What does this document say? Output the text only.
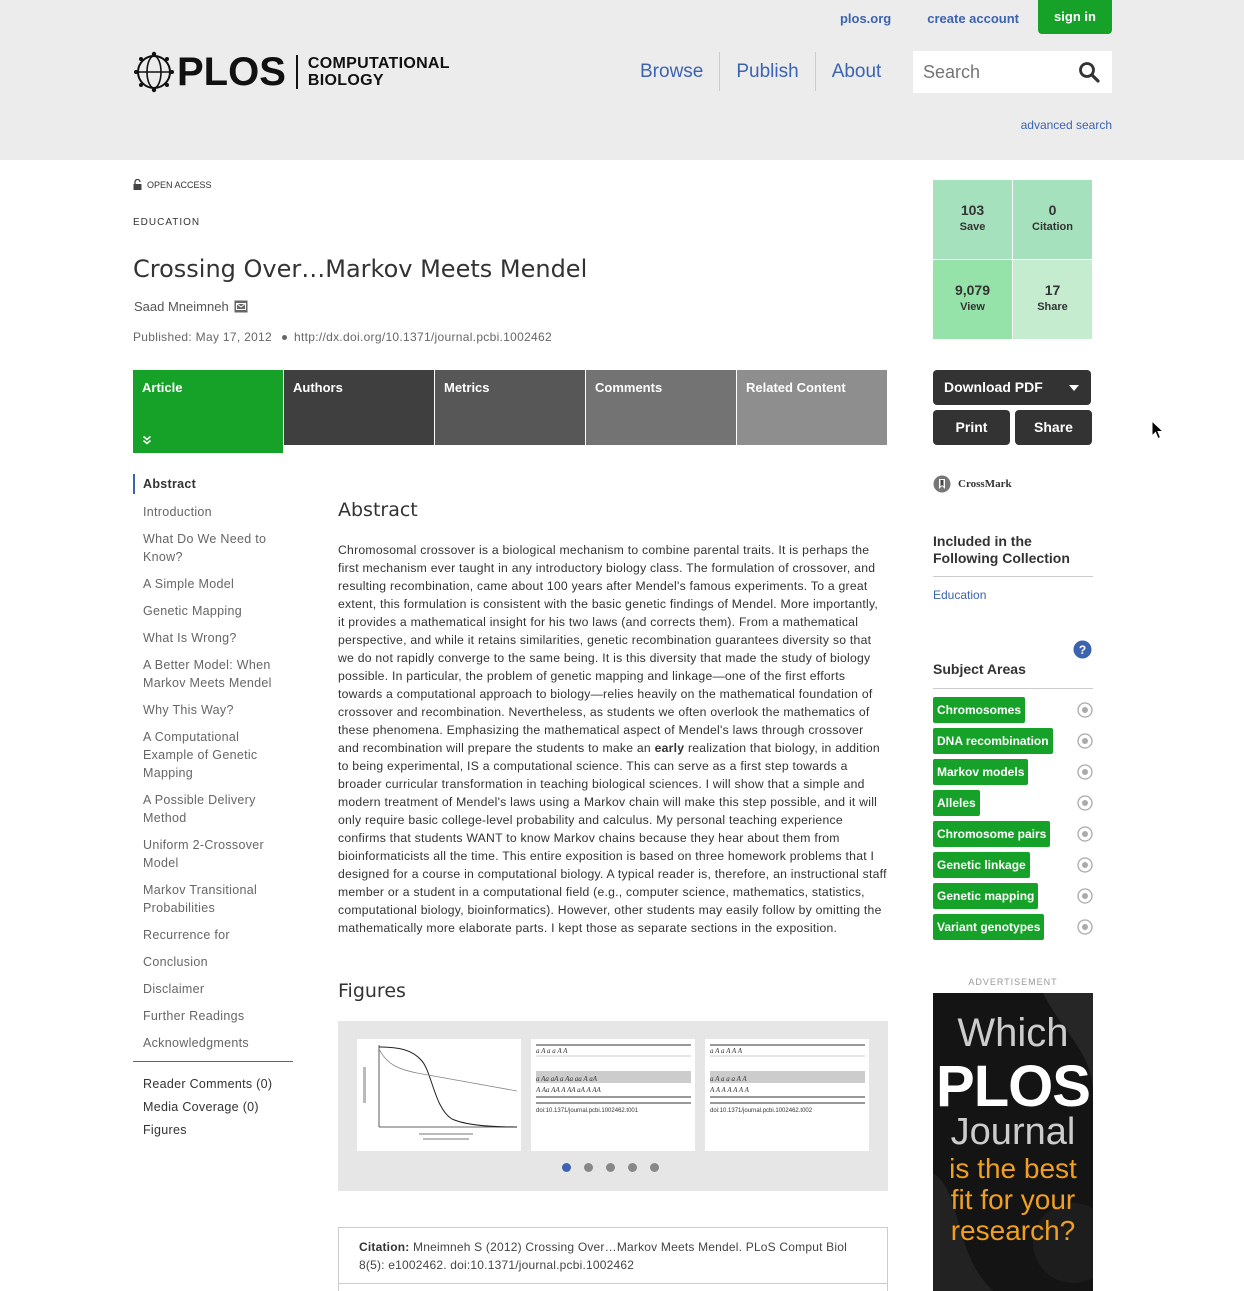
plos.org	create account	sign in
PLOS COMPUTATIONAL
BIOLOGY	Browse	Publish	About
Search
advanced search
OPEN ACCESS
EDUCATION
Crossing Over…Markov Meets Mendel
Saad Mneimneh
Published: May 17, 2012 http://dx.doi.org/10.1371/journal.pcbi.1002462
Article	Authors	Metrics	Comments	Related Content
Abstract
Introduction
What Do We Need to Know?
A Simple Model
Genetic Mapping
What Is Wrong?
A Better Model: When Markov Meets Mendel
Why This Way?
A Computational Example of Genetic Mapping
A Possible Delivery Method
Uniform 2-Crossover Model
Markov Transitional Probabilities
Recurrence for
Conclusion
Disclaimer
Further Readings
Acknowledgments
Reader Comments (0)
Media Coverage (0)
Figures
Abstract

Chromosomal crossover is a biological mechanism to combine parental traits. It is perhaps the first mechanism ever taught in any introductory biology class. The formulation of crossover, and resulting recombination, came about 100 years after Mendel's famous experiments. To a great extent, this formulation is consistent with the basic genetic findings of Mendel. More importantly, it provides a mathematical insight for his two laws (and corrects them). From a mathematical perspective, and while it retains similarities, genetic recombination guarantees diversity so that we do not rapidly converge to the same being. It is this diversity that made the study of biology possible. In particular, the problem of genetic mapping and linkage—one of the first efforts towards a computational approach to biology—relies heavily on the mathematical foundation of crossover and recombination. Nevertheless, as students we often overlook the mathematics of these phenomena. Emphasizing the mathematical aspect of Mendel's laws through crossover and recombination will prepare the students to make an early realization that biology, in addition to being experimental, IS a computational science. This can serve as a first step towards a broader curricular transformation in teaching biological sciences. I will show that a simple and modern treatment of Mendel's laws using a Markov chain will make this step possible, and it will only require basic college-level probability and calculus. My personal teaching experience confirms that students WANT to know Markov chains because they hear about them from bioinformaticists all the time. This entire exposition is based on three homework problems that I designed for a course in computational biology. A typical reader is, therefore, an instructional staff member or a student in a computational field (e.g., computer science, mathematics, statistics, computational biology, bioinformatics). However, other students may easily follow by omitting the mathematically more elaborate parts. I kept those as separate sections in the exposition.

Figures
a A a a A A
a Aa aA a Aa aa A aA
A Aa AA A AA aA A AA
doi:10.1371/journal.pcbi.1002462.t001
a A a A A A
a A a a a A A
A A A A A A A
doi:10.1371/journal.pcbi.1002462.t002
Citation: Mneimneh S (2012) Crossing Over…Markov Meets Mendel. PLoS Comput Biol 8(5): e1002462. doi:10.1371/journal.pcbi.1002462
103
Save
0
Citation
9,079
View
17
Share
Download PDF
Print	Share
CrossMark
Included in the Following Collection
Education
?
Subject Areas
Chromosomes
DNA recombination
Markov models
Alleles
Chromosome pairs
Genetic linkage
Genetic mapping
Variant genotypes
ADVERTISEMENT
Which
PLOS
Journal
is the best
fit for your
research?
